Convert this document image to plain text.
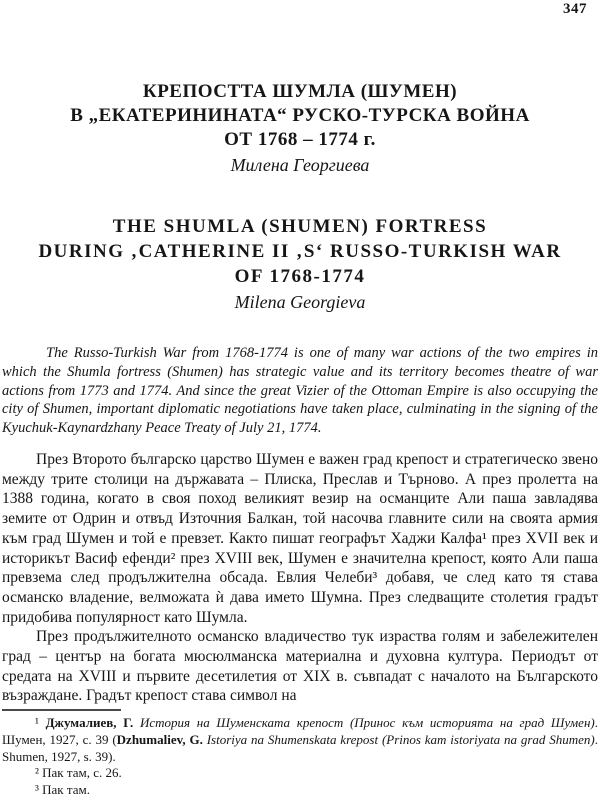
347
КРЕПОСТТА ШУМЛА (ШУМЕН)
В „ЕКАТЕРИНИНАТА“ РУСКО-ТУРСКА ВОЙНА
ОТ 1768 – 1774 г.
Милена Георгиева
THE SHUMLA (SHUMEN) FORTRESS
DURING ‚CATHERINE II ‚S‘ RUSSO-TURKISH WAR
OF 1768-1774
Milena Georgieva
The Russo-Turkish War from 1768-1774 is one of many war actions of the two empires in which the Shumla fortress (Shumen) has strategic value and its territory becomes theatre of war actions from 1773 and 1774. And since the great Vizier of the Ottoman Empire is also occupying the city of Shumen, important diplomatic negotiations have taken place, culminating in the signing of the Kyuchuk-Kaynardzhany Peace Treaty of July 21, 1774.

През Второто българско царство Шумен е важен град крепост и стратегическо звено между трите столици на държавата – Плиска, Преслав и Търново. А през пролетта на 1388 година, когато в своя поход великият везир на османците Али паша завладява земите от Одрин и отвъд Източния Балкан, той насочва главните сили на своята армия към град Шумен и той е превзет. Както пишат географът Хаджи Калфа¹ през XVII век и историкът Васиф ефенди² през XVIII век, Шумен е значителна крепост, която Али паша превзема след продължителна обсада. Евлия Челеби³ добавя, че след като тя става османско владение, велможата ѝ дава името Шумна. През следващите столетия градът придобива популярност като Шумла.

През продължителното османско владичество тук израства голям и забележителен град – център на богата мюсюлманска материална и духовна култура. Периодът от средата на XVIII и първите десетилетия от XIX в. съвпадат с началото на Българското възраждане. Градът крепост става символ на

¹ Джумалиев, Г. История на Шуменската крепост (Принос към историята на град Шумен). Шумен, 1927, с. 39 (Dzhumaliev, G. Istoriya na Shumenskata krepost (Prinos kam istoriyata na grad Shumen). Shumen, 1927, s. 39).

² Пак там, с. 26.

³ Пак там.
